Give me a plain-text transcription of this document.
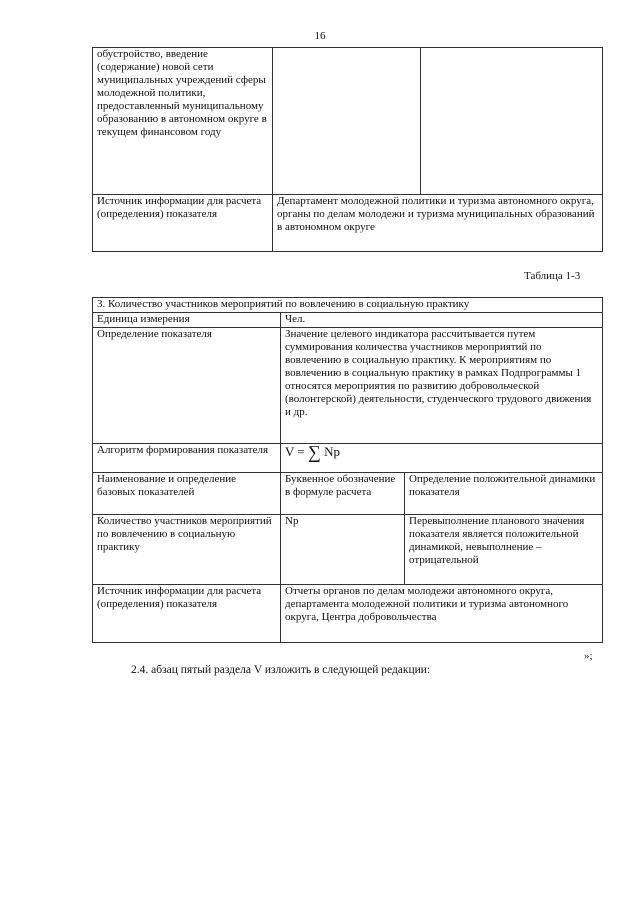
16
обустройство, введение (содержание) новой сети муниципальных учреждений сферы молодежной политики, предоставленный муниципальному образованию в автономном округе в текущем финансовом году		
Источник информации для расчета (определения) показателя	Департамент молодежной политики и туризма автономного округа, органы по делам молодежи и туризма муниципальных образований в автономном округе	
Таблица 1-3
3. Количество участников мероприятий по вовлечению в социальную практику		
Единица измерения	Чел.	
Определение показателя	Значение целевого индикатора рассчитывается путем суммирования количества участников мероприятий по вовлечению в социальную практику. К мероприятиям по вовлечению в социальную практику в рамках Подпрограммы 1 относятся мероприятия по развитию добровольческой (волонтерской) деятельности, студенческого трудового движения и др.	
Алгоритм формирования показателя	V = ∑ Np	
Наименование и определение базовых показателей	Буквенное обозначение в формуле расчета	Определение положительной динамики показателя
Количество участников мероприятий по вовлечению в социальную практику	Np	Перевыполнение планового значения показателя является положительной динамикой, невыполнение – отрицательной
Источник информации для расчета (определения) показателя	Отчеты органов по делам молодежи автономного округа, департамента молодежной политики и туризма автономного округа, Центра добровольчества	
»;
2.4. абзац пятый раздела V изложить в следующей редакции:
